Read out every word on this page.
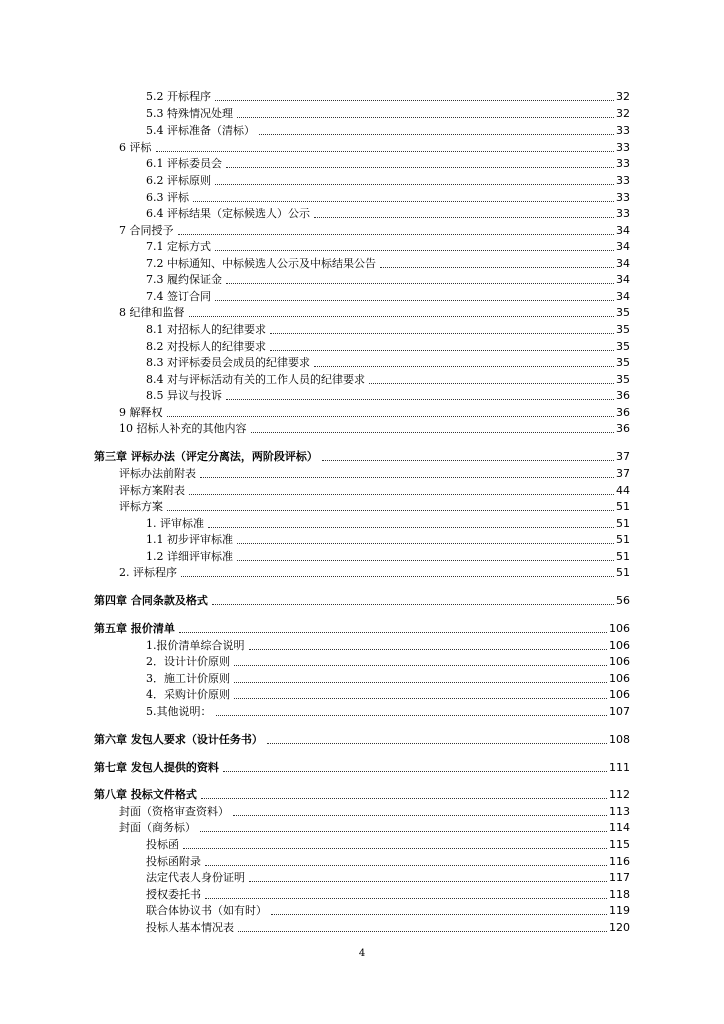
5.2 开标程序	32
5.3 特殊情况处理	32
5.4 评标准备（清标）	33
6 评标	33
6.1 评标委员会	33
6.2 评标原则	33
6.3 评标	33
6.4 评标结果（定标候选人）公示	33
7 合同授予	34
7.1 定标方式	34
7.2 中标通知、中标候选人公示及中标结果公告	34
7.3 履约保证金	34
7.4 签订合同	34
8 纪律和监督	35
8.1 对招标人的纪律要求	35
8.2 对投标人的纪律要求	35
8.3 对评标委员会成员的纪律要求	35
8.4 对与评标活动有关的工作人员的纪律要求	35
8.5 异议与投诉	36
9 解释权	36
10 招标人补充的其他内容	36
第三章 评标办法（评定分离法，两阶段评标）	37
评标办法前附表	37
评标方案附表	44
评标方案	51
1. 评审标准	51
1.1 初步评审标准	51
1.2 详细评审标准	51
2. 评标程序	51
第四章 合同条款及格式	56
第五章 报价清单	106
1.报价清单综合说明	106
2．设计计价原则	106
3．施工计价原则	106
4．采购计价原则	106
5.其他说明：	107
第六章 发包人要求（设计任务书）	108
第七章 发包人提供的资料	111
第八章 投标文件格式	112
封面（资格审查资料）	113
封面（商务标）	114
投标函	115
投标函附录	116
法定代表人身份证明	117
授权委托书	118
联合体协议书（如有时）	119
投标人基本情况表	120
4
